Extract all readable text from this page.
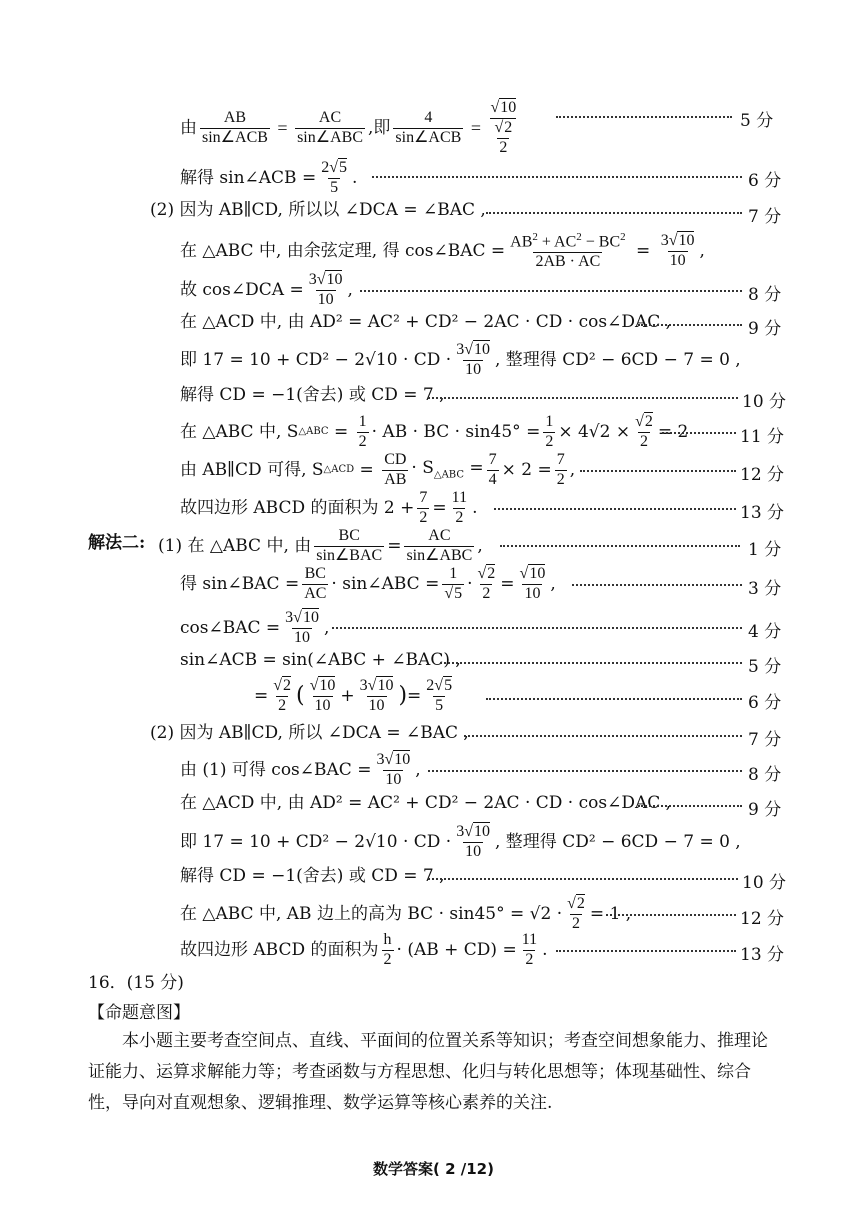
由 $\frac{AB}{\text{sin∠ACB}} = \frac{AC}{\text{sin∠ABC}}$ ,即 $\frac{4}{\text{sin∠ACB}} = \frac{√10}{\frac{√2}{2}}$	5 分
解得 sin∠ACB = $\frac{2√5}{5}$ .	6 分
(2) 因为 AB∥CD, 所以以 ∠DCA = ∠BAC ,	7 分
在 △ABC 中, 由余弦定理, 得 cos∠BAC = $\frac{AB^2 + AC^2 - BC^2}{2AB \cdot AC} = \frac{3√10}{10}$ ,
故 cos∠DCA = $\frac{3√10}{10}$ ,	8 分
在 △ACD 中, 由 AD² = AC² + CD² − 2AC · CD · cos∠DAC ,	9 分
即 17 = 10 + CD² − 2√10 · CD · $\frac{3√10}{10}$ , 整理得 CD² − 6CD − 7 = 0 ,
解得 CD = −1(舍去) 或 CD = 7 ,	10 分
在 △ABC 中, S △ABC = $\frac{1}{2}$ · AB · BC · $\sin 45^\circ = \frac{1}{2} \times 4√2 \times \frac{√2}{2} = 2$	11 分
由 AB∥CD 可得, S △ACD = $\frac{CD}{AB} \cdot S_{\triangle ABC} = \frac{7}{4} \times 2 = \frac{7}{2}$ ,	12 分
故四边形 ABCD 的面积为 $2 + \frac{7}{2} = \frac{11}{2}$ .	13 分
解法二: (1) 在 △ABC 中, 由 $\frac{BC}{\text{sin∠BAC}} = \frac{AC}{\text{sin∠ABC}}$ ,	1 分
得 sin∠BAC = $\frac{BC}{AC}$ · sin∠ABC = $\frac{1}{√5} \cdot \frac{√2}{2} = \frac{√10}{10}$ ,	3 分
cos∠BAC = $\frac{3√10}{10}$ ,	4 分
sin∠ACB = sin(∠ABC + ∠BAC) ,	5 分
= $\frac{√2}{2}$ ( $\frac{√10}{10} + \frac{3√10}{10}$ ) = $\frac{2√5}{5}$	6 分
(2) 因为 AB∥CD, 所以 ∠DCA = ∠BAC ,	7 分
由 (1) 可得 cos∠BAC = $\frac{3√10}{10}$ ,	8 分
在 △ACD 中, 由 AD² = AC² + CD² − 2AC · CD · cos∠DAC ,	9 分
即 17 = 10 + CD² − 2√10 · CD · $\frac{3√10}{10}$ , 整理得 CD² − 6CD − 7 = 0 ,
解得 CD = −1(舍去) 或 CD = 7 ,	10 分
在 △ABC 中, AB 边上的高为 BC · $\sin 45^\circ = √2 \cdot \frac{√2}{2} = 1$ ,	12 分
故四边形 ABCD 的面积为 $\frac{h}{2} \cdot (AB + CD) = \frac{11}{2}$ .	13 分
16．(15 分)
【命题意图】
本小题主要考查空间点、直线、平面间的位置关系等知识；考查空间想象能力、推理论证能力、运算求解能力等；考查函数与方程思想、化归与转化思想等；体现基础性、综合性，导向对直观想象、逻辑推理、数学运算等核心素养的关注.
数学答案( 2 /12)
